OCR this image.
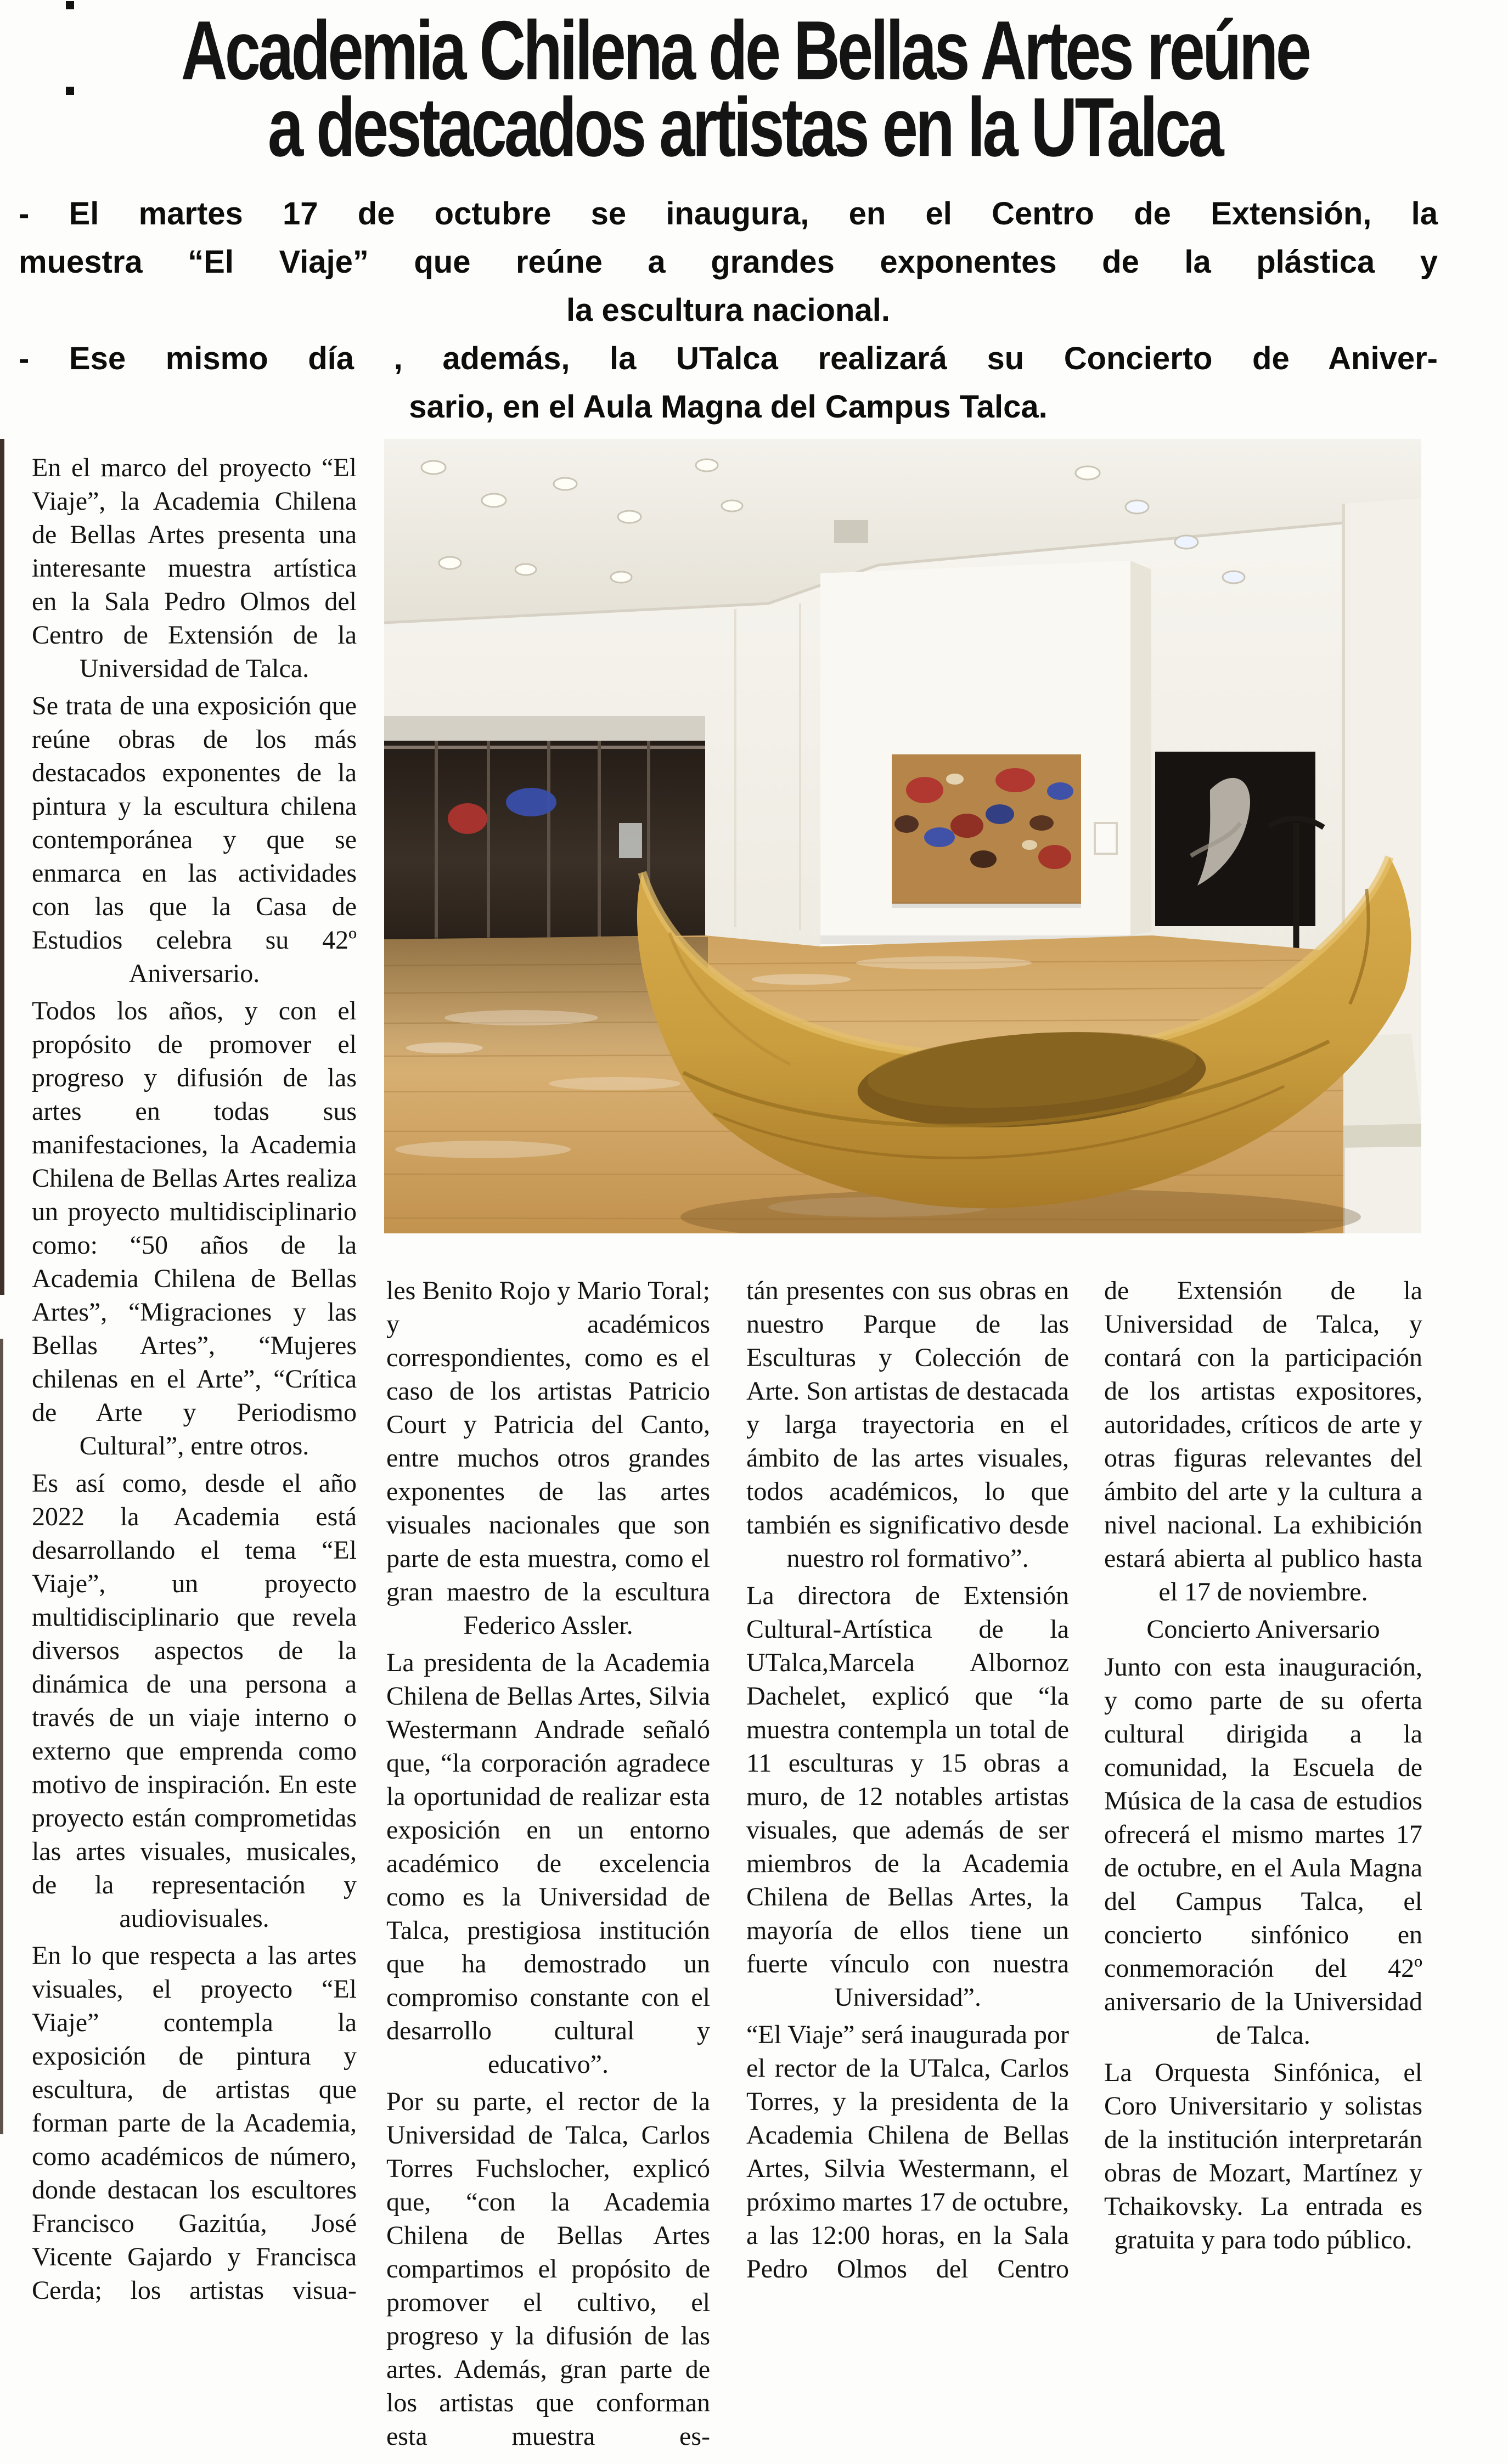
Academia Chilena de Bellas Artes reúne
a destacados artistas en la UTalca
- El martes 17 de octubre se inaugura, en el Centro de Extensión, la
muestra “El Viaje” que reúne a grandes exponentes de la plástica y
la escultura nacional.
- Ese mismo día , además, la UTalca realizará su Concierto de Aniver-
sario, en el Aula Magna del Campus Talca.

En el marco del proyecto “El Viaje”, la Academia Chilena de Bellas Artes presenta una interesante muestra artística en la Sala Pedro Olmos del Centro de Extensión de la Universidad de Talca.

Se trata de una exposición que reúne obras de los más destacados exponentes de la pintura y la escultura chilena contemporánea y que se enmarca en las actividades con las que la Casa de Estudios celebra su 42º Aniversario.

Todos los años, y con el propósito de promover el progreso y difusión de las artes en todas sus manifestaciones, la Academia Chilena de Bellas Artes realiza un proyecto multidisciplinario como: “50 años de la Academia Chilena de Bellas Artes”, “Migraciones y las Bellas Artes”, “Mujeres chilenas en el Arte”, “Crítica de Arte y Periodismo Cultural”, entre otros.

Es así como, desde el año 2022 la Academia está desarrollando el tema “El Viaje”, un proyecto multidisciplinario que revela diversos aspectos de la dinámica de una persona a través de un viaje interno o externo que emprenda como motivo de inspiración. En este proyecto están comprometidas las artes visuales, musicales, de la representación y audiovisuales.

En lo que respecta a las artes visuales, el proyecto “El Viaje” contempla la exposición de pintura y escultura, de artistas que forman parte de la Academia, como académicos de número, donde destacan los escultores Francisco Gazitúa, José Vicente Gajardo y Francisca Cerda; los artistas visua-

les Benito Rojo y Mario Toral; y académicos correspondientes, como es el caso de los artistas Patricio Court y Patricia del Canto, entre muchos otros grandes exponentes de las artes visuales nacionales que son parte de esta muestra, como el gran maestro de la escultura Federico Assler.

La presidenta de la Academia Chilena de Bellas Artes, Silvia Westermann Andrade señaló que, “la corporación agradece la oportunidad de realizar esta exposición en un entorno académico de excelencia como es la Universidad de Talca, prestigiosa institución que ha demostrado un compromiso constante con el desarrollo cultural y educativo”.

Por su parte, el rector de la Universidad de Talca, Carlos Torres Fuchslocher, explicó que, “con la Academia Chilena de Bellas Artes compartimos el propósito de promover el cultivo, el progreso y la difusión de las artes. Además, gran parte de los artistas que conforman esta muestra es-

tán presentes con sus obras en nuestro Parque de las Esculturas y Colección de Arte. Son artistas de destacada y larga trayectoria en el ámbito de las artes visuales, todos académicos, lo que también es significativo desde nuestro rol formativo”.

La directora de Extensión Cultural-Artística de la UTalca,Marcela Albornoz Dachelet, explicó que “la muestra contempla un total de 11 esculturas y 15 obras a muro, de 12 notables artistas visuales, que además de ser miembros de la Academia Chilena de Bellas Artes, la mayoría de ellos tiene un fuerte vínculo con nuestra Universidad”.

“El Viaje” será inaugurada por el rector de la UTalca, Carlos Torres, y la presidenta de la Academia Chilena de Bellas Artes, Silvia Westermann, el próximo martes 17 de octubre, a las 12:00 horas, en la Sala Pedro Olmos del Centro

de Extensión de la Universidad de Talca, y contará con la participación de los artistas expositores, autoridades, críticos de arte y otras figuras relevantes del ámbito del arte y la cultura a nivel nacional. La exhibición estará abierta al publico hasta el 17 de noviembre.

Concierto Aniversario

Junto con esta inauguración, y como parte de su oferta cultural dirigida a la comunidad, la Escuela de Música de la casa de estudios ofrecerá el mismo martes 17 de octubre, en el Aula Magna del Campus Talca, el concierto sinfónico en conmemoración del 42º aniversario de la Universidad de Talca.

La Orquesta Sinfónica, el Coro Universitario y solistas de la institución interpretarán obras de Mozart, Martínez y Tchaikovsky. La entrada es gratuita y para todo público.
